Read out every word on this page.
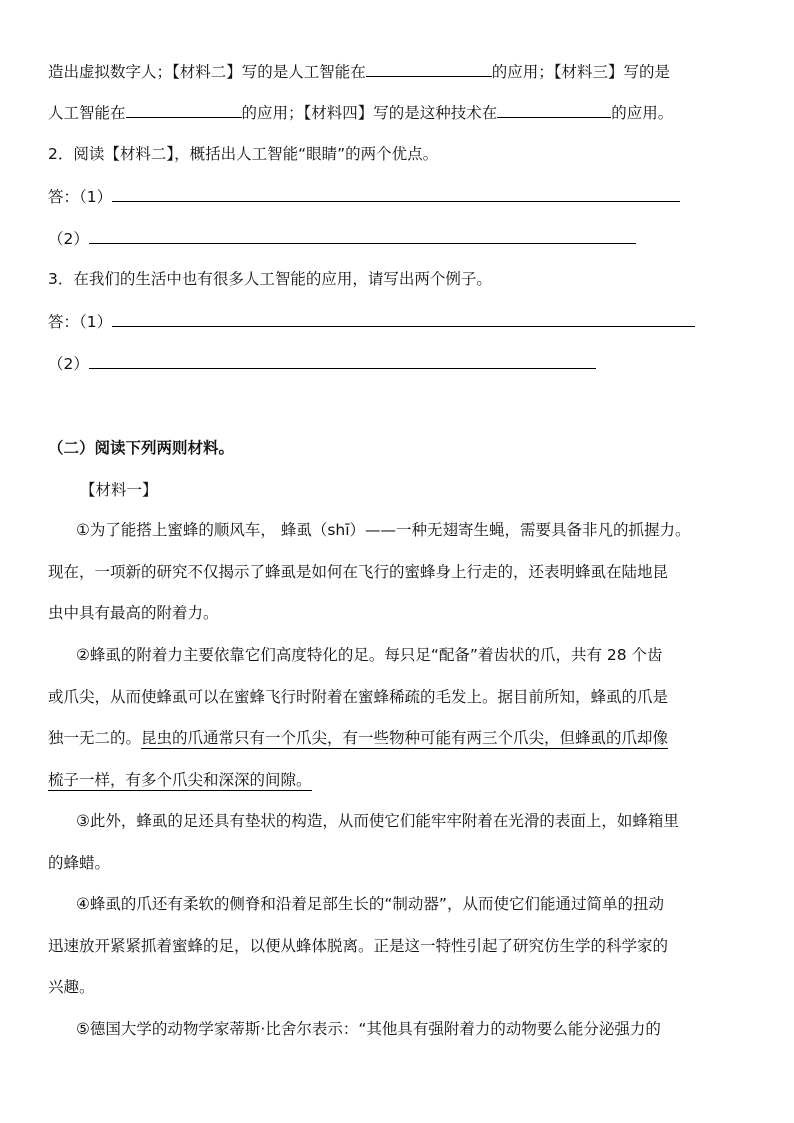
造出虚拟数字人；【材料二】写的是人工智能在	的应用；【材料三】写的是
人工智能在	的应用；【材料四】写的是这种技术在	的应用。
2．阅读【材料二】，概括出人工智能“眼睛”的两个优点。
答：（1）
（2）
3．在我们的生活中也有很多人工智能的应用，请写出两个例子。
答：（1）
（2）
（二）阅读下列两则材料。
【材料一】
①为了能搭上蜜蜂的顺风车， 蜂虱（shī）——一种无翅寄生蝇，需要具备非凡的抓握力。
现在，一项新的研究不仅揭示了蜂虱是如何在飞行的蜜蜂身上行走的，还表明蜂虱在陆地昆
虫中具有最高的附着力。
②蜂虱的附着力主要依靠它们高度特化的足。每只足“配备”着齿状的爪，共有 28 个齿
或爪尖，从而使蜂虱可以在蜜蜂飞行时附着在蜜蜂稀疏的毛发上。据目前所知，蜂虱的爪是
独一无二的。昆虫的爪通常只有一个爪尖，有一些物种可能有两三个爪尖，但蜂虱的爪却像
梳子一样，有多个爪尖和深深的间隙。
③此外，蜂虱的足还具有垫状的构造，从而使它们能牢牢附着在光滑的表面上，如蜂箱里
的蜂蜡。
④蜂虱的爪还有柔软的侧脊和沿着足部生长的“制动器”，从而使它们能通过简单的扭动
迅速放开紧紧抓着蜜蜂的足，以便从蜂体脱离。正是这一特性引起了研究仿生学的科学家的
兴趣。
⑤德国大学的动物学家蒂斯·比舍尔表示：“其他具有强附着力的动物要么能分泌强力的
